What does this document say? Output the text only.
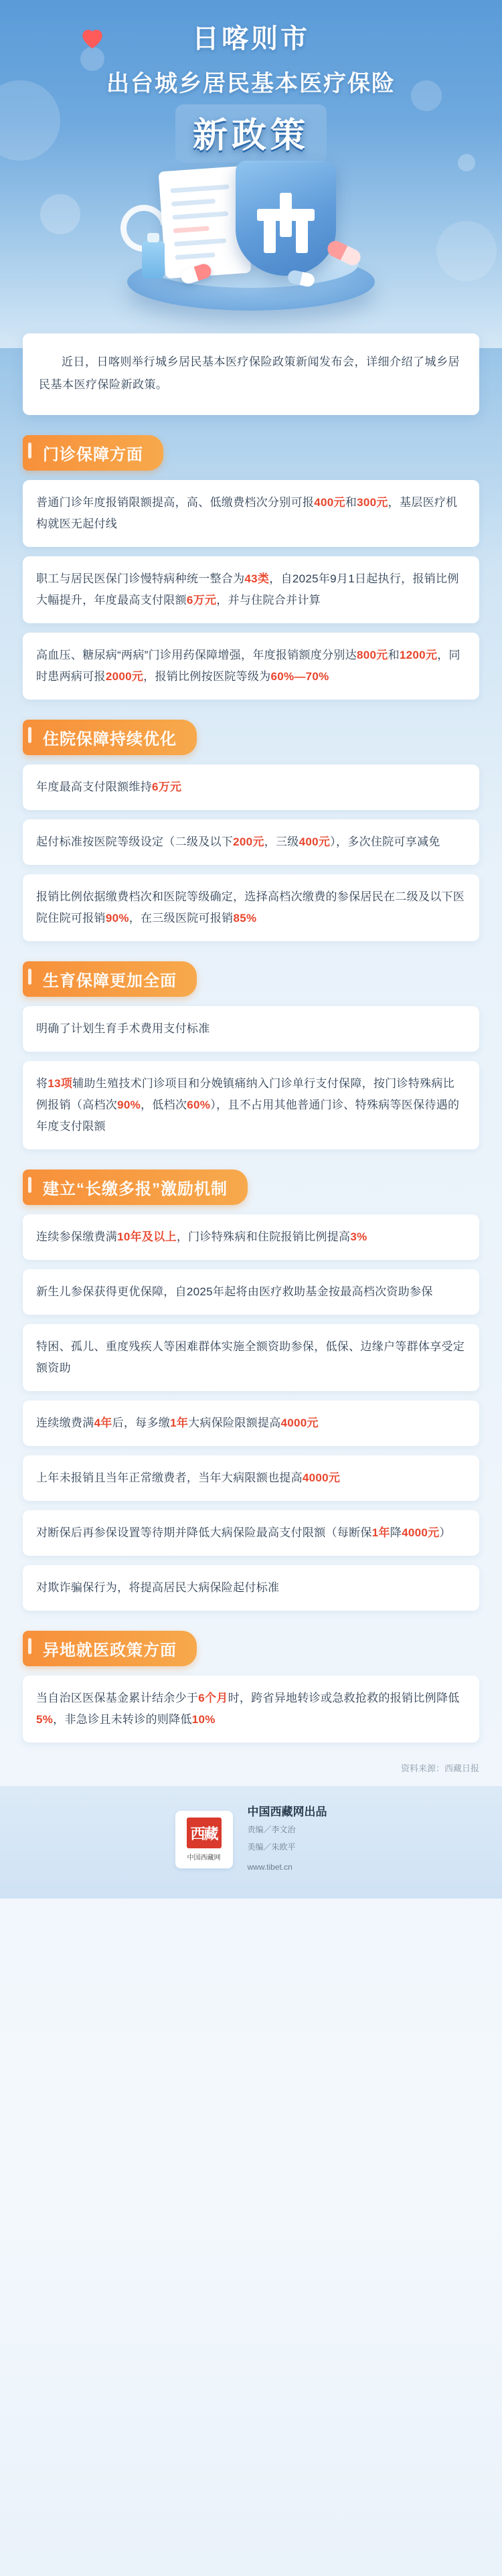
日喀则市
出台城乡居民基本医疗保险
新政策

近日，日喀则举行城乡居民基本医疗保险政策新闻发布会，详细介绍了城乡居民基本医疗保险新政策。

门诊保障方面
普通门诊年度报销限额提高，高、低缴费档次分别可报400元和300元，基层医疗机构就医无起付线
职工与居民医保门诊慢特病种统一整合为43类，自2025年9月1日起执行，报销比例大幅提升，年度最高支付限额6万元，并与住院合并计算
高血压、糖尿病“两病”门诊用药保障增强，年度报销额度分别达800元和1200元，同时患两病可报2000元，报销比例按医院等级为60%—70%
住院保障持续优化
年度最高支付限额维持6万元
起付标准按医院等级设定（二级及以下200元，三级400元），多次住院可享减免
报销比例依据缴费档次和医院等级确定，选择高档次缴费的参保居民在二级及以下医院住院可报销90%，在三级医院可报销85%
生育保障更加全面
明确了计划生育手术费用支付标准
将13项辅助生殖技术门诊项目和分娩镇痛纳入门诊单行支付保障，按门诊特殊病比例报销（高档次90%，低档次60%），且不占用其他普通门诊、特殊病等医保待遇的年度支付限额
建立“长缴多报”激励机制
连续参保缴费满10年及以上，门诊特殊病和住院报销比例提高3%
新生儿参保获得更优保障，自2025年起将由医疗救助基金按最高档次资助参保
特困、孤儿、重度残疾人等困难群体实施全额资助参保，低保、边缘户等群体享受定额资助
连续缴费满4年后，每多缴1年大病保险限额提高4000元
上年未报销且当年正常缴费者，当年大病限额也提高4000元
对断保后再参保设置等待期并降低大病保险最高支付限额（每断保1年降4000元）
对欺诈骗保行为，将提高居民大病保险起付标准
异地就医政策方面
当自治区医保基金累计结余少于6个月时，跨省异地转诊或急救抢救的报销比例降低5%，非急诊且未转诊的则降低10%
资料来源：西藏日报
西藏
中国西藏网
中国西藏网出品
责编／李文治
美编／朱欧平
www.tibet.cn
